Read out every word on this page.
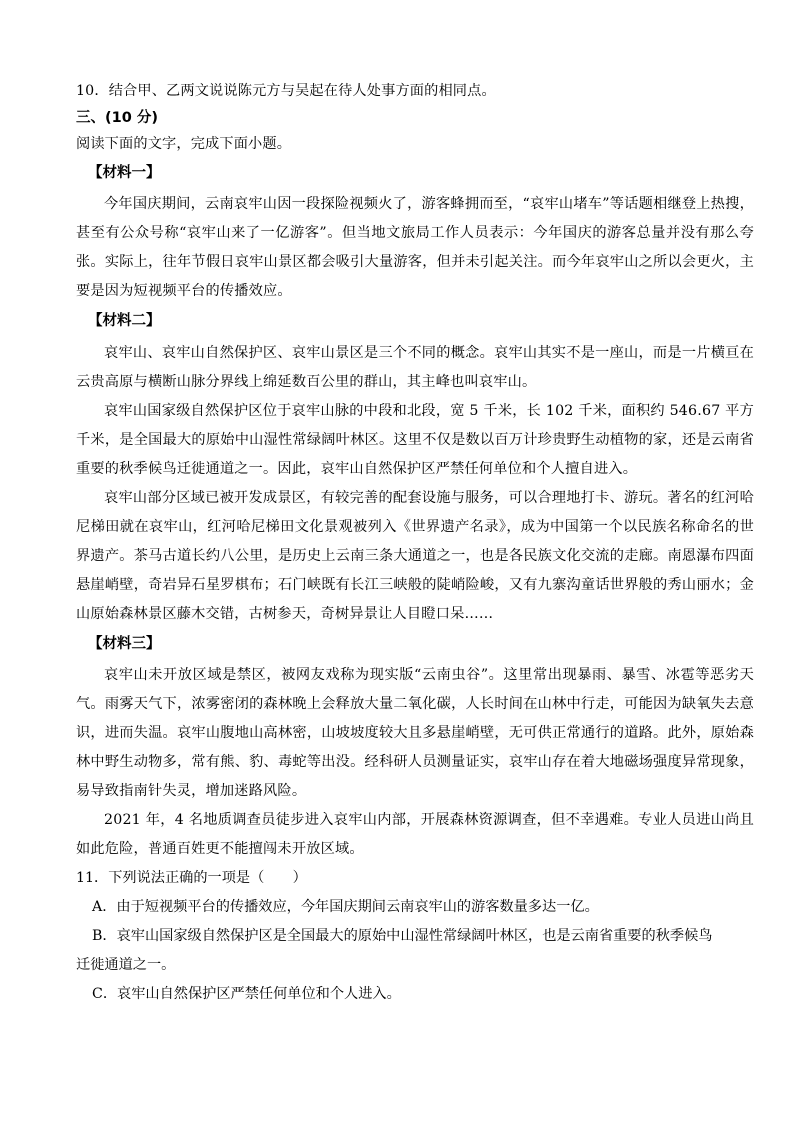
10．结合甲、乙两文说说陈元方与吴起在待人处事方面的相同点。

三、(10 分)

阅读下面的文字，完成下面小题。

【材料一】

今年国庆期间，云南哀牢山因一段探险视频火了，游客蜂拥而至，“哀牢山堵车”等话题相继登上热搜，甚至有公众号称“哀牢山来了一亿游客”。但当地文旅局工作人员表示：今年国庆的游客总量并没有那么夸张。实际上，往年节假日哀牢山景区都会吸引大量游客，但并未引起关注。而今年哀牢山之所以会更火，主要是因为短视频平台的传播效应。

【材料二】

哀牢山、哀牢山自然保护区、哀牢山景区是三个不同的概念。哀牢山其实不是一座山，而是一片横亘在云贵高原与横断山脉分界线上绵延数百公里的群山，其主峰也叫哀牢山。

哀牢山国家级自然保护区位于哀牢山脉的中段和北段，宽 5 千米，长 102 千米，面积约 546.67 平方千米，是全国最大的原始中山湿性常绿阔叶林区。这里不仅是数以百万计珍贵野生动植物的家，还是云南省重要的秋季候鸟迁徙通道之一。因此，哀牢山自然保护区严禁任何单位和个人擅自进入。

哀牢山部分区域已被开发成景区，有较完善的配套设施与服务，可以合理地打卡、游玩。著名的红河哈尼梯田就在哀牢山，红河哈尼梯田文化景观被列入《世界遗产名录》，成为中国第一个以民族名称命名的世界遗产。茶马古道长约八公里，是历史上云南三条大通道之一，也是各民族文化交流的走廊。南恩瀑布四面悬崖峭壁，奇岩异石星罗棋布；石门峡既有长江三峡般的陡峭险峻，又有九寨沟童话世界般的秀山丽水；金山原始森林景区藤木交错，古树参天，奇树异景让人目瞪口呆……

【材料三】

哀牢山未开放区域是禁区，被网友戏称为现实版“云南虫谷”。这里常出现暴雨、暴雪、冰雹等恶劣天气。雨雾天气下，浓雾密闭的森林晚上会释放大量二氧化碳，人长时间在山林中行走，可能因为缺氧失去意识，进而失温。哀牢山腹地山高林密，山坡坡度较大且多悬崖峭壁，无可供正常通行的道路。此外，原始森林中野生动物多，常有熊、豹、毒蛇等出没。经科研人员测量证实，哀牢山存在着大地磁场强度异常现象，易导致指南针失灵，增加迷路风险。

2021 年，4 名地质调查员徒步进入哀牢山内部，开展森林资源调查，但不幸遇难。专业人员进山尚且如此危险，普通百姓更不能擅闯未开放区域。

11．下列说法正确的一项是（　　）

A．由于短视频平台的传播效应，今年国庆期间云南哀牢山的游客数量多达一亿。

B．哀牢山国家级自然保护区是全国最大的原始中山湿性常绿阔叶林区，也是云南省重要的秋季候鸟

迁徙通道之一。

C．哀牢山自然保护区严禁任何单位和个人进入。
